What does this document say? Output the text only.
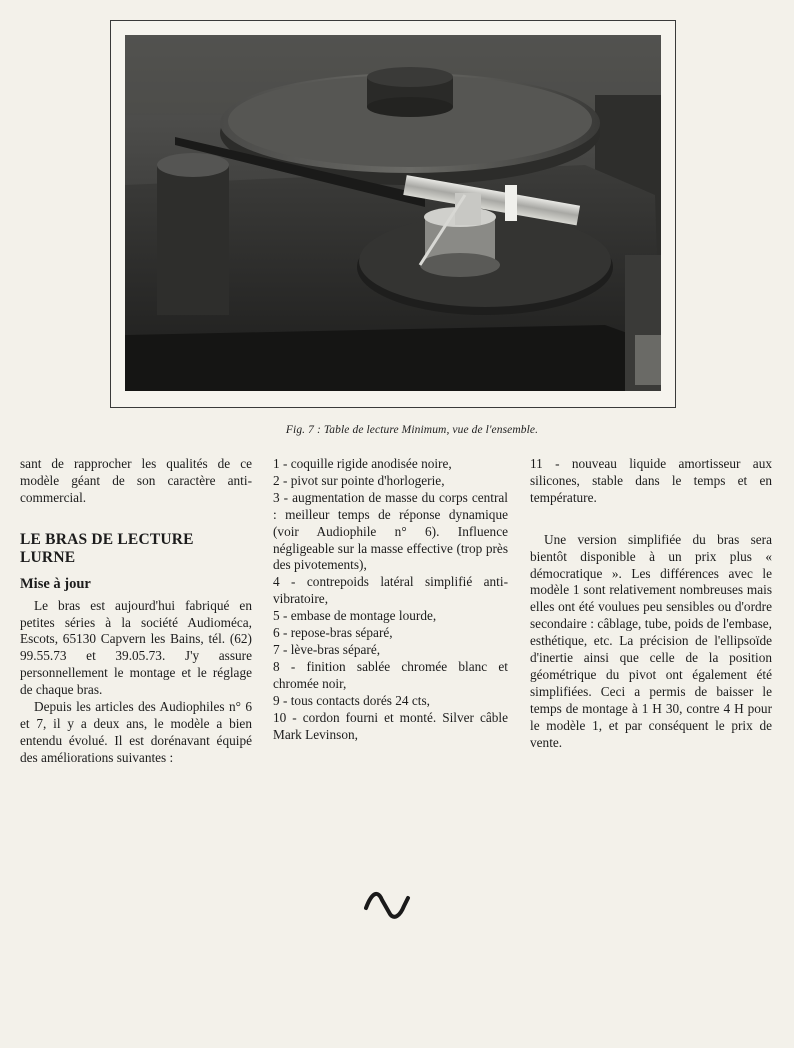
Fig. 7 : Table de lecture Minimum, vue de l'ensemble.

sant de rapprocher les qualités de ce modèle géant de son caractère anti-commercial.

LE BRAS DE LECTURE LURNE

Mise à jour

Le bras est aujourd'hui fabriqué en petites séries à la société Audioméca, Escots, 65130 Capvern les Bains, tél. (62) 99.55.73 et 39.05.73. J'y assure personnellement le montage et le réglage de chaque bras.

Depuis les articles des Audiophiles n° 6 et 7, il y a deux ans, le modèle a bien entendu évolué. Il est dorénavant équipé des améliorations suivantes :

1 - coquille rigide anodisée noire,

2 - pivot sur pointe d'horlogerie,

3 - augmentation de masse du corps central : meilleur temps de réponse dynamique (voir Audiophile n° 6). Influence négligeable sur la masse effective (trop près des pivotements),

4 - contrepoids latéral simplifié anti-vibratoire,

5 - embase de montage lourde,

6 - repose-bras séparé,

7 - lève-bras séparé,

8 - finition sablée chromée blanc et chromée noir,

9 - tous contacts dorés 24 cts,

10 - cordon fourni et monté. Silver câble Mark Levinson,

11 - nouveau liquide amortisseur aux silicones, stable dans le temps et en température.

Une version simplifiée du bras sera bientôt disponible à un prix plus « démocratique ». Les différences avec le modèle 1 sont relativement nombreuses mais elles ont été voulues peu sensibles ou d'ordre secondaire : câblage, tube, poids de l'embase, esthétique, etc. La précision de l'ellipsoïde d'inertie ainsi que celle de la position géométrique du pivot ont également été simplifiées. Ceci a permis de baisser le temps de montage à 1 H 30, contre 4 H pour le modèle 1, et par conséquent le prix de vente.
